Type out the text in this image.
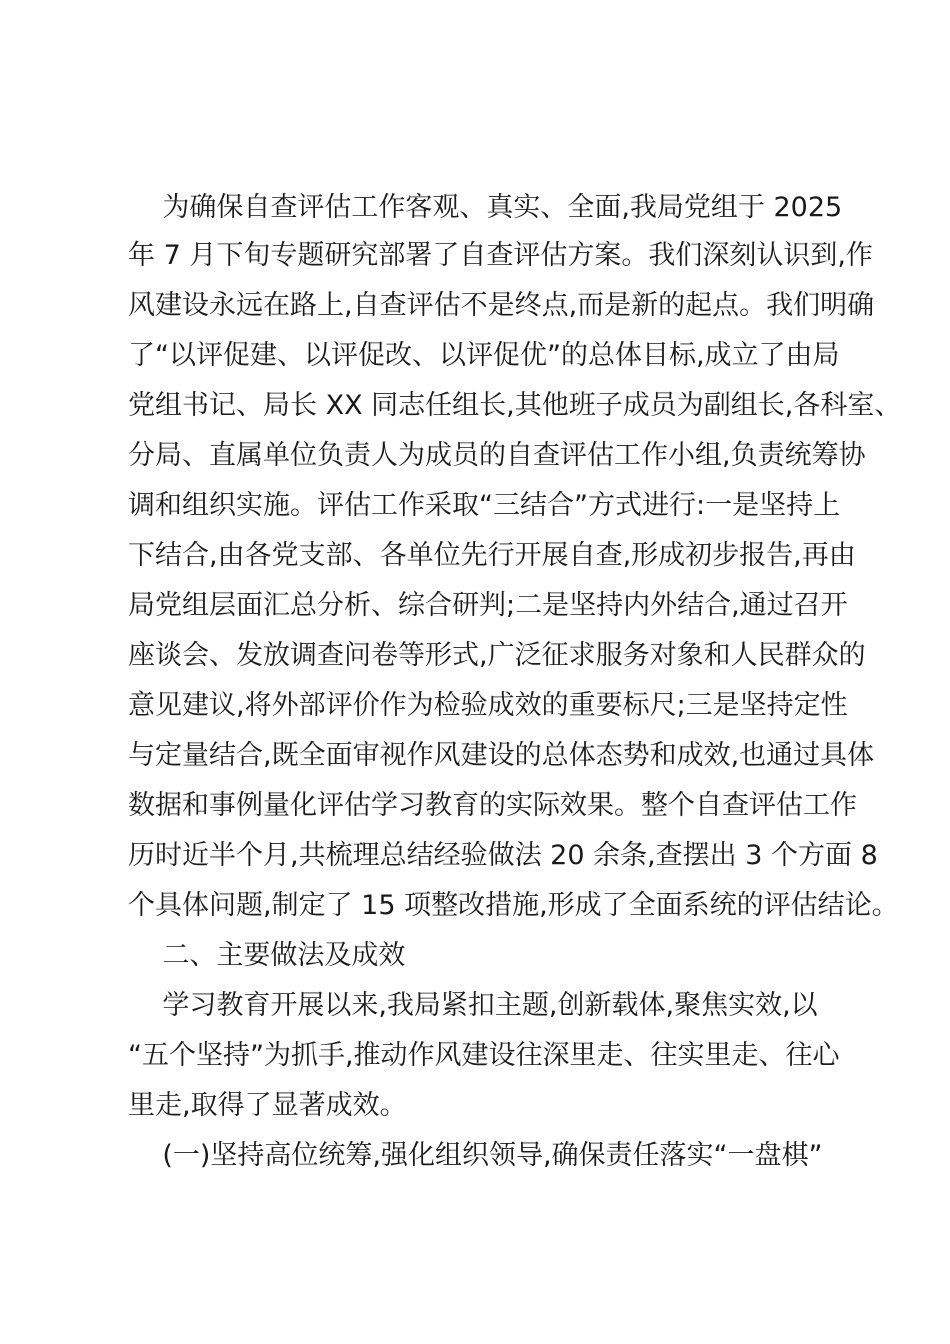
为确保自查评估工作客观、真实、全面,我局党组于 2025
年 7 月下旬专题研究部署了自查评估方案。我们深刻认识到,作
风建设永远在路上,自查评估不是终点,而是新的起点。我们明确
了“以评促建、以评促改、以评促优”的总体目标,成立了由局
党组书记、局长 XX 同志任组长,其他班子成员为副组长,各科室、
分局、直属单位负责人为成员的自查评估工作小组,负责统筹协
调和组织实施。评估工作采取“三结合”方式进行:一是坚持上
下结合,由各党支部、各单位先行开展自查,形成初步报告,再由
局党组层面汇总分析、综合研判;二是坚持内外结合,通过召开
座谈会、发放调查问卷等形式,广泛征求服务对象和人民群众的
意见建议,将外部评价作为检验成效的重要标尺;三是坚持定性
与定量结合,既全面审视作风建设的总体态势和成效,也通过具体
数据和事例量化评估学习教育的实际效果。整个自查评估工作
历时近半个月,共梳理总结经验做法 20 余条,查摆出 3 个方面 8
个具体问题,制定了 15 项整改措施,形成了全面系统的评估结论。
二、主要做法及成效
学习教育开展以来,我局紧扣主题,创新载体,聚焦实效,以
“五个坚持”为抓手,推动作风建设往深里走、往实里走、往心
里走,取得了显著成效。
(一)坚持高位统筹,强化组织领导,确保责任落实“一盘棋”
